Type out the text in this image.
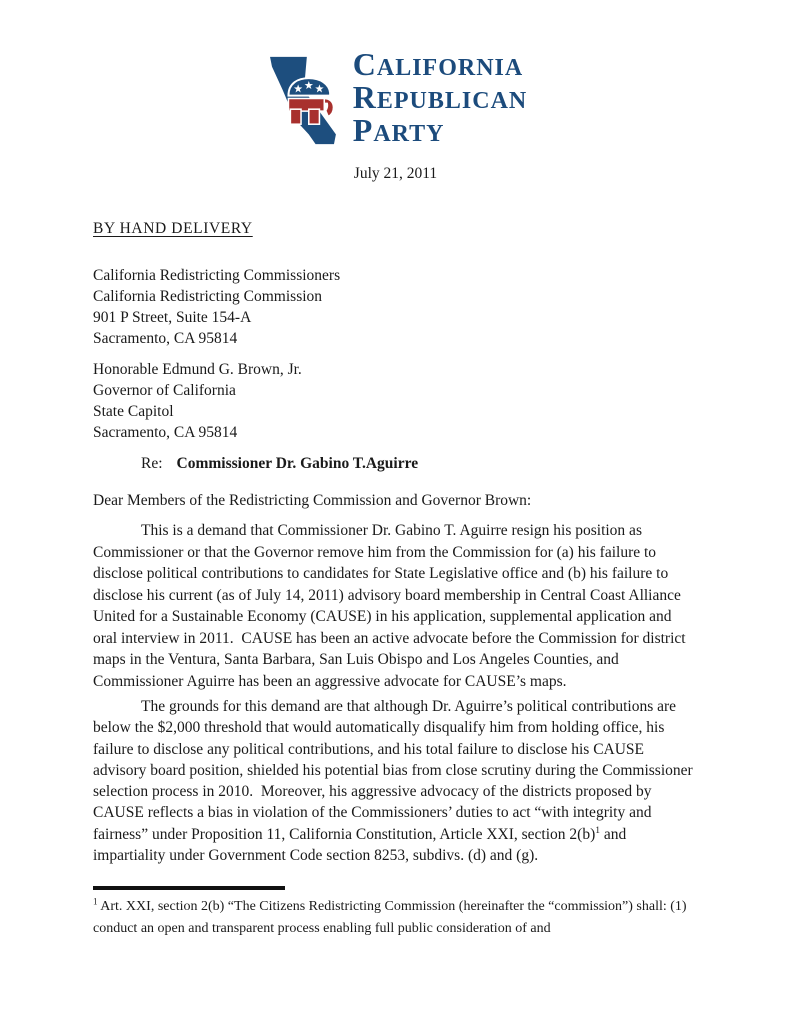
CALIFORNIA
REPUBLICAN
PARTY
July 21, 2011
BY HAND DELIVERY
California Redistricting Commissioners
California Redistricting Commission
901 P Street, Suite 154-A
Sacramento, CA 95814
Honorable Edmund G. Brown, Jr.
Governor of California
State Capitol
Sacramento, CA 95814
Re: Commissioner Dr. Gabino T.Aguirre
Dear Members of the Redistricting Commission and Governor Brown:

This is a demand that Commissioner Dr. Gabino T. Aguirre resign his position as Commissioner or that the Governor remove him from the Commission for (a) his failure to disclose political contributions to candidates for State Legislative office and (b) his failure to disclose his current (as of July 14, 2011) advisory board membership in Central Coast Alliance United for a Sustainable Economy (CAUSE) in his application, supplemental application and oral interview in 2011.  CAUSE has been an active advocate before the Commission for district maps in the Ventura, Santa Barbara, San Luis Obispo and Los Angeles Counties, and Commissioner Aguirre has been an aggressive advocate for CAUSE’s maps.

The grounds for this demand are that although Dr. Aguirre’s political contributions are below the $2,000 threshold that would automatically disqualify him from holding office, his failure to disclose any political contributions, and his total failure to disclose his CAUSE advisory board position, shielded his potential bias from close scrutiny during the Commissioner selection process in 2010.  Moreover, his aggressive advocacy of the districts proposed by CAUSE reflects a bias in violation of the Commissioners’ duties to act “with integrity and fairness” under Proposition 11, California Constitution, Article XXI, section 2(b)$^1$ and impartiality under Government Code section 8253, subdivs. (d) and (g).

$^1$ Art. XXI, section 2(b) “The Citizens Redistricting Commission (hereinafter the “commission”) shall: (1) conduct an open and transparent process enabling full public consideration of and
